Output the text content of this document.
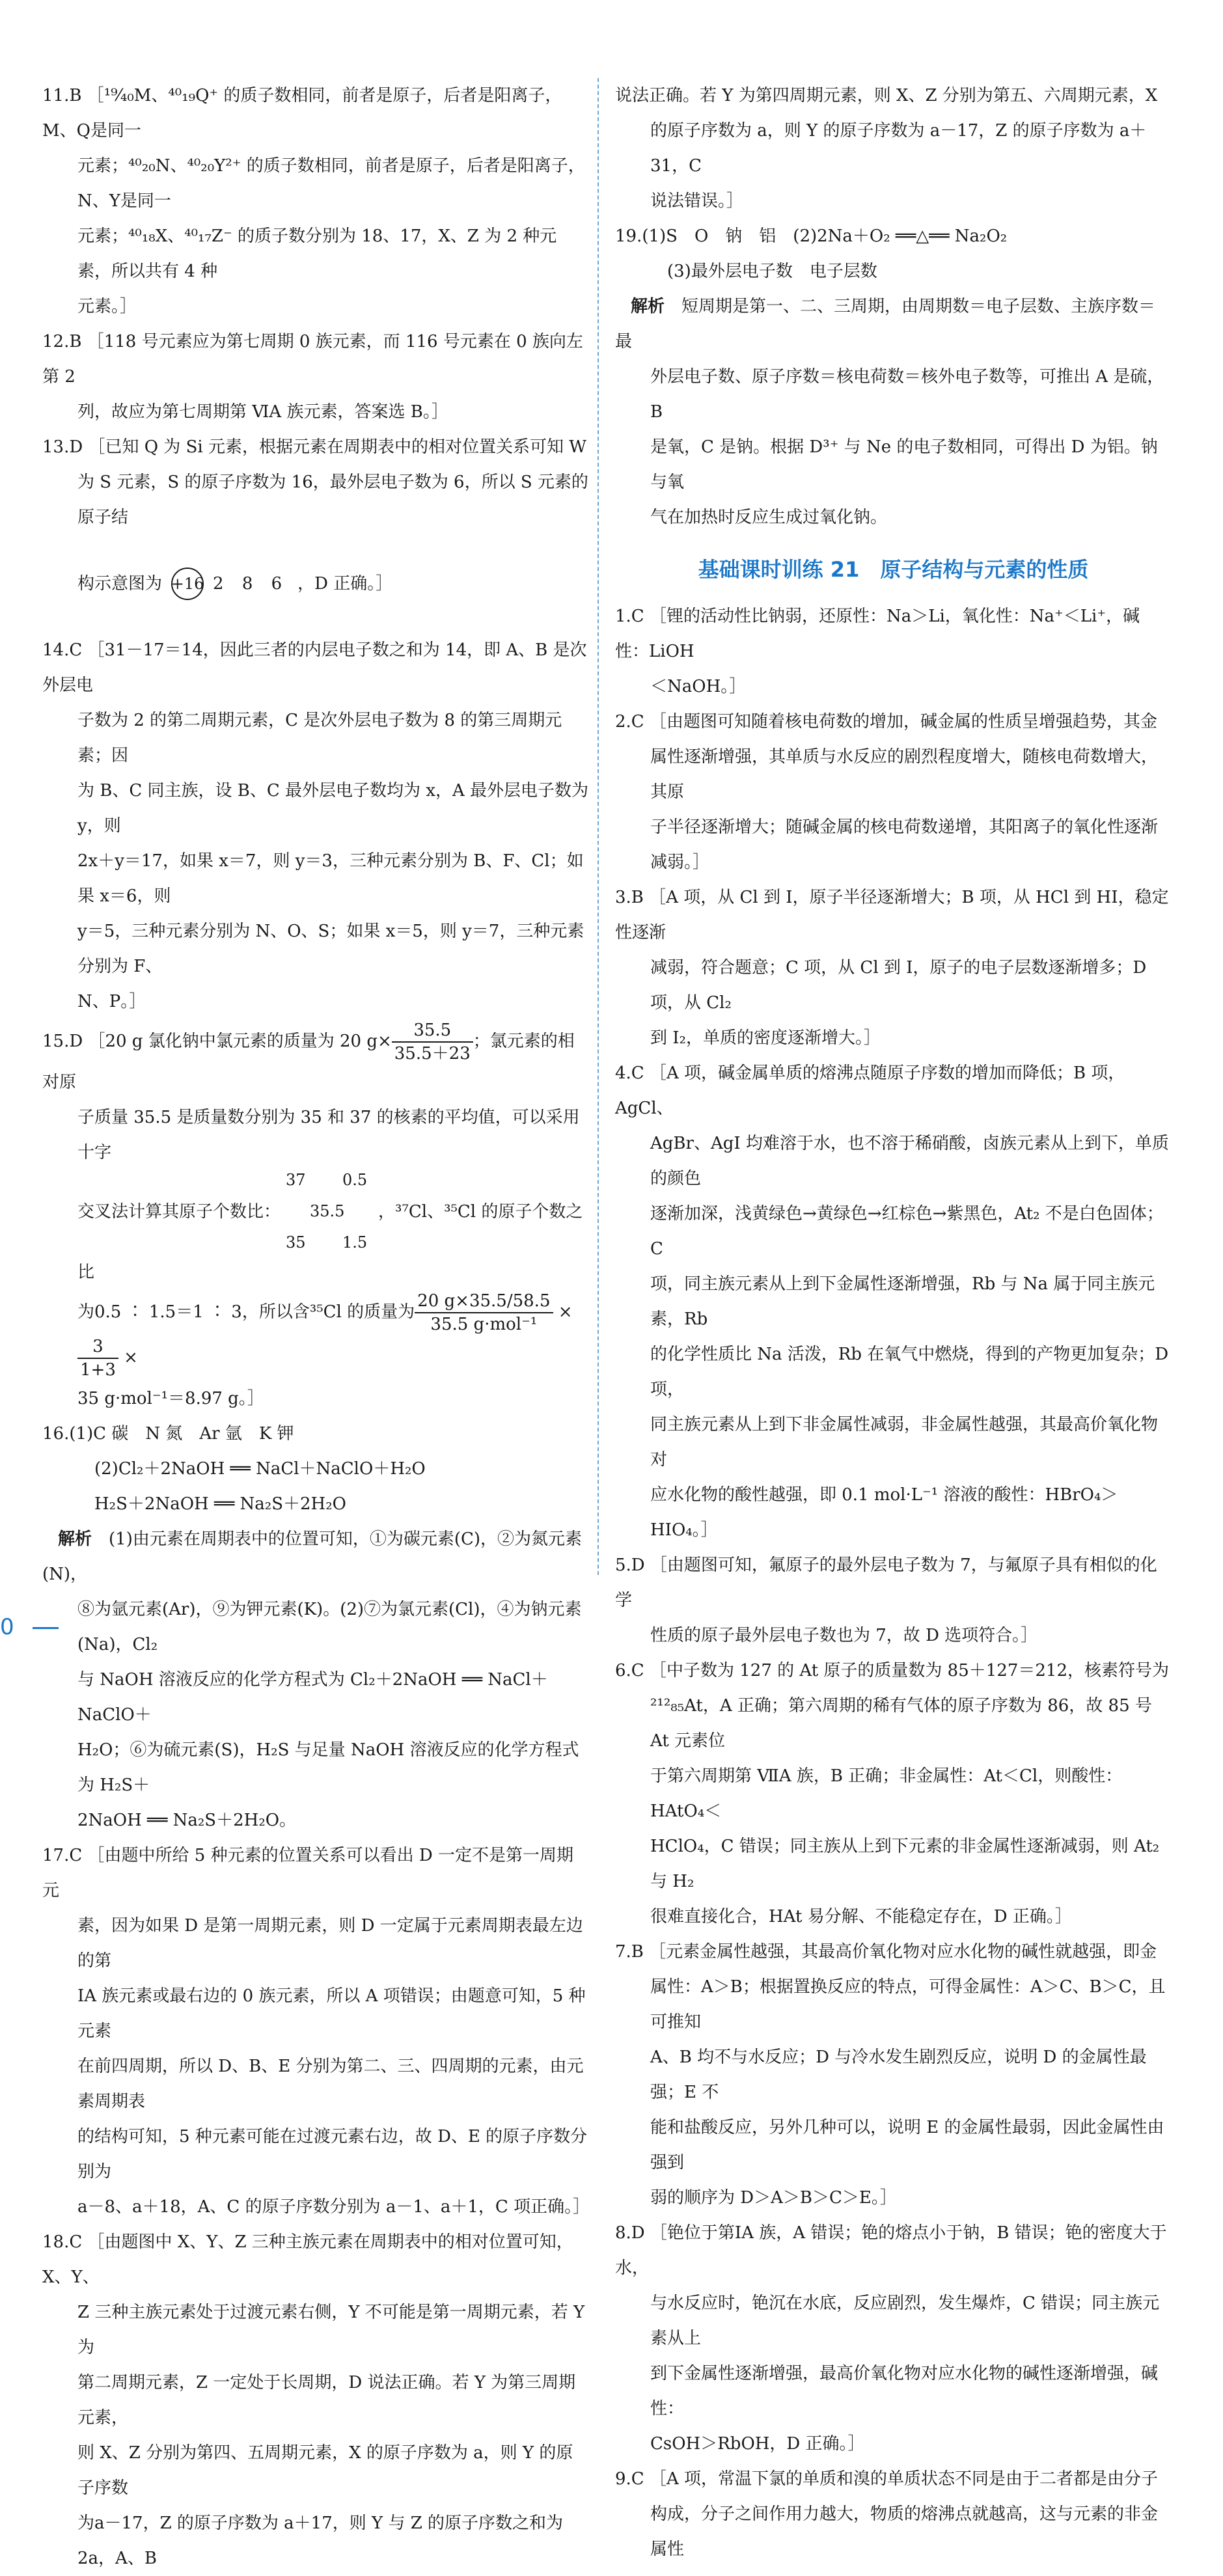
11.B ［¹⁹⁄₄₀M、⁴⁰₁₉Q⁺ 的质子数相同，前者是原子，后者是阳离子，M、Q是同一

元素；⁴⁰₂₀N、⁴⁰₂₀Y²⁺ 的质子数相同，前者是原子，后者是阳离子，N、Y是同一

元素；⁴⁰₁₈X、⁴⁰₁₇Z⁻ 的质子数分别为 18、17，X、Z 为 2 种元素，所以共有 4 种

元素。］

12.B ［118 号元素应为第七周期 0 族元素，而 116 号元素在 0 族向左第 2

列，故应为第七周期第 ⅥA 族元素，答案选 B。］

13.D ［已知 Q 为 Si 元素，根据元素在周期表中的相对位置关系可知 W

为 S 元素，S 的原子序数为 16，最外层电子数为 6，所以 S 元素的原子结

构示意图为 +16 2 8 6 ，D 正确。］

14.C ［31－17＝14，因此三者的内层电子数之和为 14，即 A、B 是次外层电

子数为 2 的第二周期元素，C 是次外层电子数为 8 的第三周期元素；因

为 B、C 同主族，设 B、C 最外层电子数均为 x，A 最外层电子数为 y，则

2x＋y＝17，如果 x＝7，则 y＝3，三种元素分别为 B、F、Cl；如果 x＝6，则

y＝5，三种元素分别为 N、O、S；如果 x＝5，则 y＝7，三种元素分别为 F、

N、P。］

15.D ［20 g 氯化钠中氯元素的质量为 20 $g\times \frac{35.5}{35.5+23}$ ；氯元素的相对原

子质量 35.5 是质量数分别为 35 和 37 的核素的平均值，可以采用十字

交叉法计算其原子个数比：
37 0.5
35.5
35 1.5
，³⁷Cl、³⁵Cl 的原子个数之比

为0.5 ∶ 1.5＝1 ∶ 3，所以含³⁵Cl 的质量为 $\frac{20 g\times 35.5/58.5}{\text{35.5 g·mol⁻¹}}$ ×
$\frac{3}{1+3}$ ×

35 g·mol⁻¹＝8.97 g。］

16.(1)C 碳　N 氮　Ar 氩　K 钾

　(2)Cl₂＋2NaOH ══ NaCl＋NaClO＋H₂O

　H₂S＋2NaOH ══ Na₂S＋2H₂O

解析　 (1)由元素在周期表中的位置可知，①为碳元素(C)，②为氮元素(N)，

⑧为氩元素(Ar)，⑨为钾元素(K)。(2)⑦为氯元素(Cl)，④为钠元素(Na)，Cl₂

与 NaOH 溶液反应的化学方程式为 Cl₂＋2NaOH ══ NaCl＋NaClO＋

H₂O；⑥为硫元素(S)，H₂S 与足量 NaOH 溶液反应的化学方程式为 H₂S＋

2NaOH ══ Na₂S＋2H₂O。

17.C ［由题中所给 5 种元素的位置关系可以看出 D 一定不是第一周期元

素，因为如果 D 是第一周期元素，则 D 一定属于元素周期表最左边的第

ⅠA 族元素或最右边的 0 族元素，所以 A 项错误；由题意可知，5 种元素

在前四周期，所以 D、B、E 分别为第二、三、四周期的元素，由元素周期表

的结构可知，5 种元素可能在过渡元素右边，故 D、E 的原子序数分别为

a－8、a＋18，A、C 的原子序数分别为 a－1、a＋1，C 项正确。］

18.C ［由题图中 X、Y、Z 三种主族元素在周期表中的相对位置可知，X、Y、

Z 三种主族元素处于过渡元素右侧，Y 不可能是第一周期元素，若 Y 为

第二周期元素，Z 一定处于长周期，D 说法正确。若 Y 为第三周期元素，

则 X、Z 分别为第四、五周期元素，X 的原子序数为 a，则 Y 的原子序数

为a－17，Z 的原子序数为 a＋17，则 Y 与 Z 的原子序数之和为 2a，A、B

说法正确。若 Y 为第四周期元素，则 X、Z 分别为第五、六周期元素，X

的原子序数为 a，则 Y 的原子序数为 a－17，Z 的原子序数为 a＋31，C

说法错误。］

19.(1)S　O　钠　铝　(2)2Na＋O₂ ══△══ Na₂O₂

　(3)最外层电子数　电子层数

解析　 短周期是第一、二、三周期，由周期数＝电子层数、主族序数＝最

外层电子数、原子序数＝核电荷数＝核外电子数等，可推出 A 是硫，B

是氧，C 是钠。根据 D³⁺ 与 Ne 的电子数相同，可得出 D 为铝。钠与氧

气在加热时反应生成过氧化钠。

基础课时训练 21　原子结构与元素的性质

1.C ［锂的活动性比钠弱，还原性：Na＞Li，氧化性：Na⁺＜Li⁺，碱性：LiOH

＜NaOH。］

2.C ［由题图可知随着核电荷数的增加，碱金属的性质呈增强趋势，其金

属性逐渐增强，其单质与水反应的剧烈程度增大，随核电荷数增大，其原

子半径逐渐增大；随碱金属的核电荷数递增，其阳离子的氧化性逐渐

减弱。］

3.B ［A 项，从 Cl 到 I，原子半径逐渐增大；B 项，从 HCl 到 HI，稳定性逐渐

减弱，符合题意；C 项，从 Cl 到 I，原子的电子层数逐渐增多；D 项，从 Cl₂

到 I₂，单质的密度逐渐增大。］

4.C ［A 项，碱金属单质的熔沸点随原子序数的增加而降低；B 项，AgCl、

AgBr、AgI 均难溶于水，也不溶于稀硝酸，卤族元素从上到下，单质的颜色

逐渐加深，浅黄绿色→黄绿色→红棕色→紫黑色，At₂ 不是白色固体；C

项，同主族元素从上到下金属性逐渐增强，Rb 与 Na 属于同主族元素，Rb

的化学性质比 Na 活泼，Rb 在氧气中燃烧，得到的产物更加复杂；D 项，

同主族元素从上到下非金属性减弱，非金属性越强，其最高价氧化物对

应水化物的酸性越强，即 0.1 mol·L⁻¹ 溶液的酸性：HBrO₄＞HIO₄。］

5.D ［由题图可知，氟原子的最外层电子数为 7，与氟原子具有相似的化学

性质的原子最外层电子数也为 7，故 D 选项符合。］

6.C ［中子数为 127 的 At 原子的质量数为 85＋127＝212，核素符号为

²¹²₈₅At，A 正确；第六周期的稀有气体的原子序数为 86，故 85 号 At 元素位

于第六周期第 ⅦA 族，B 正确；非金属性：At＜Cl，则酸性：HAtO₄＜

HClO₄，C 错误；同主族从上到下元素的非金属性逐渐减弱，则 At₂ 与 H₂

很难直接化合，HAt 易分解、不能稳定存在，D 正确。］

7.B ［元素金属性越强，其最高价氧化物对应水化物的碱性就越强，即金

属性：A＞B；根据置换反应的特点，可得金属性：A＞C、B＞C，且可推知

A、B 均不与水反应；D 与冷水发生剧烈反应，说明 D 的金属性最强；E 不

能和盐酸反应，另外几种可以，说明 E 的金属性最弱，因此金属性由强到

弱的顺序为 D＞A＞B＞C＞E。］

8.D ［铯位于第ⅠA 族，A 错误；铯的熔点小于钠，B 错误；铯的密度大于水，

与水反应时，铯沉在水底，反应剧烈，发生爆炸，C 错误；同主族元素从上

到下金属性逐渐增强，最高价氧化物对应水化物的碱性逐渐增强，碱性：

CsOH＞RbOH，D 正确。］

9.C ［A 项，常温下氯的单质和溴的单质状态不同是由于二者都是由分子

构成，分子之间作用力越大，物质的熔沸点就越高，这与元素的非金属性

0
